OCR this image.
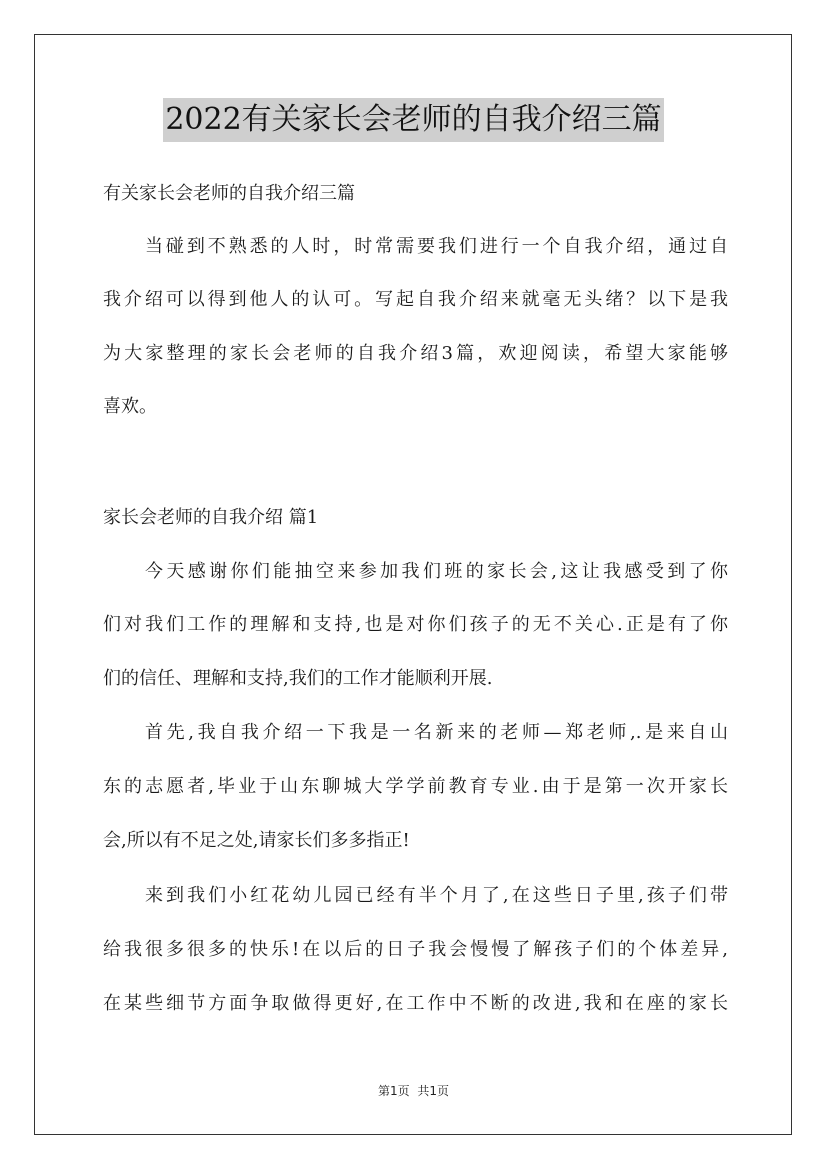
2022有关家长会老师的自我介绍三篇
有关家长会老师的自我介绍三篇
当碰到不熟悉的人时，时常需要我们进行一个自我介绍，通过自
我介绍可以得到他人的认可。写起自我介绍来就毫无头绪？以下是我
为大家整理的家长会老师的自我介绍3篇，欢迎阅读，希望大家能够
喜欢。
家长会老师的自我介绍 篇1
今天感谢你们能抽空来参加我们班的家长会,这让我感受到了你
们对我们工作的理解和支持,也是对你们孩子的无不关心.正是有了你
们的信任、理解和支持,我们的工作才能顺利开展.
首先,我自我介绍一下我是一名新来的老师—郑老师,.是来自山
东的志愿者,毕业于山东聊城大学学前教育专业.由于是第一次开家长
会,所以有不足之处,请家长们多多指正!
来到我们小红花幼儿园已经有半个月了,在这些日子里,孩子们带
给我很多很多的快乐!在以后的日子我会慢慢了解孩子们的个体差异,
在某些细节方面争取做得更好,在工作中不断的改进,我和在座的家长
第1页 共1页
